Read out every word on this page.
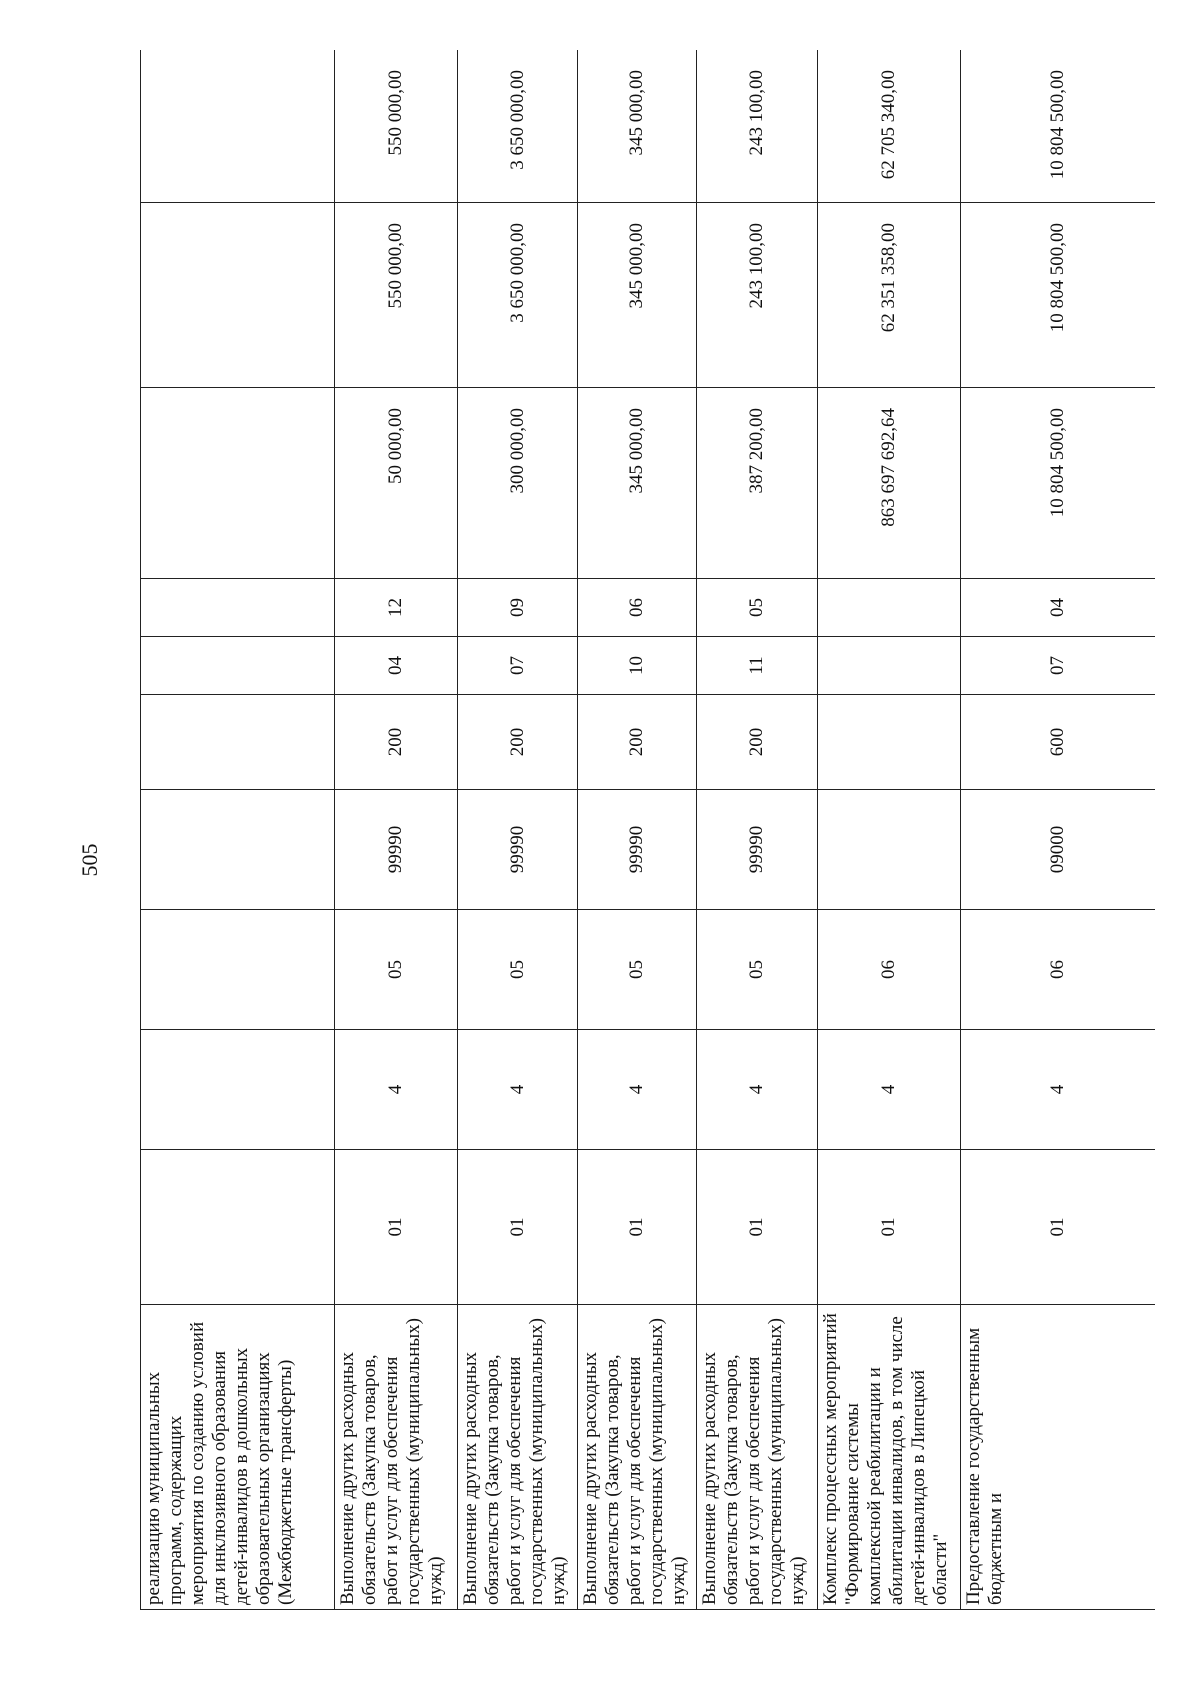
505
реализацию муниципальных программ, содержащих мероприятия по созданию условий для инклюзивного образования детей-инвалидов в дошкольных образовательных организациях (Межбюджетные трансферты)										
Выполнение других расходных обязательств (Закупка товаров, работ и услуг для обеспечения государственных (муниципальных) нужд)	01	4	05	99990	200	04	12	50 000,00	550 000,00	550 000,00
Выполнение других расходных обязательств (Закупка товаров, работ и услуг для обеспечения государственных (муниципальных) нужд)	01	4	05	99990	200	07	09	300 000,00	3 650 000,00	3 650 000,00
Выполнение других расходных обязательств (Закупка товаров, работ и услуг для обеспечения государственных (муниципальных) нужд)	01	4	05	99990	200	10	06	345 000,00	345 000,00	345 000,00
Выполнение других расходных обязательств (Закупка товаров, работ и услуг для обеспечения государственных (муниципальных) нужд)	01	4	05	99990	200	11	05	387 200,00	243 100,00	243 100,00
Комплекс процессных мероприятий "Формирование системы комплексной реабилитации и абилитации инвалидов, в том числе детей-инвалидов в Липецкой области"	01	4	06					863 697 692,64	62 351 358,00	62 705 340,00
Предоставление государственным бюджетным и	01	4	06	09000	600	07	04	10 804 500,00	10 804 500,00	10 804 500,00
